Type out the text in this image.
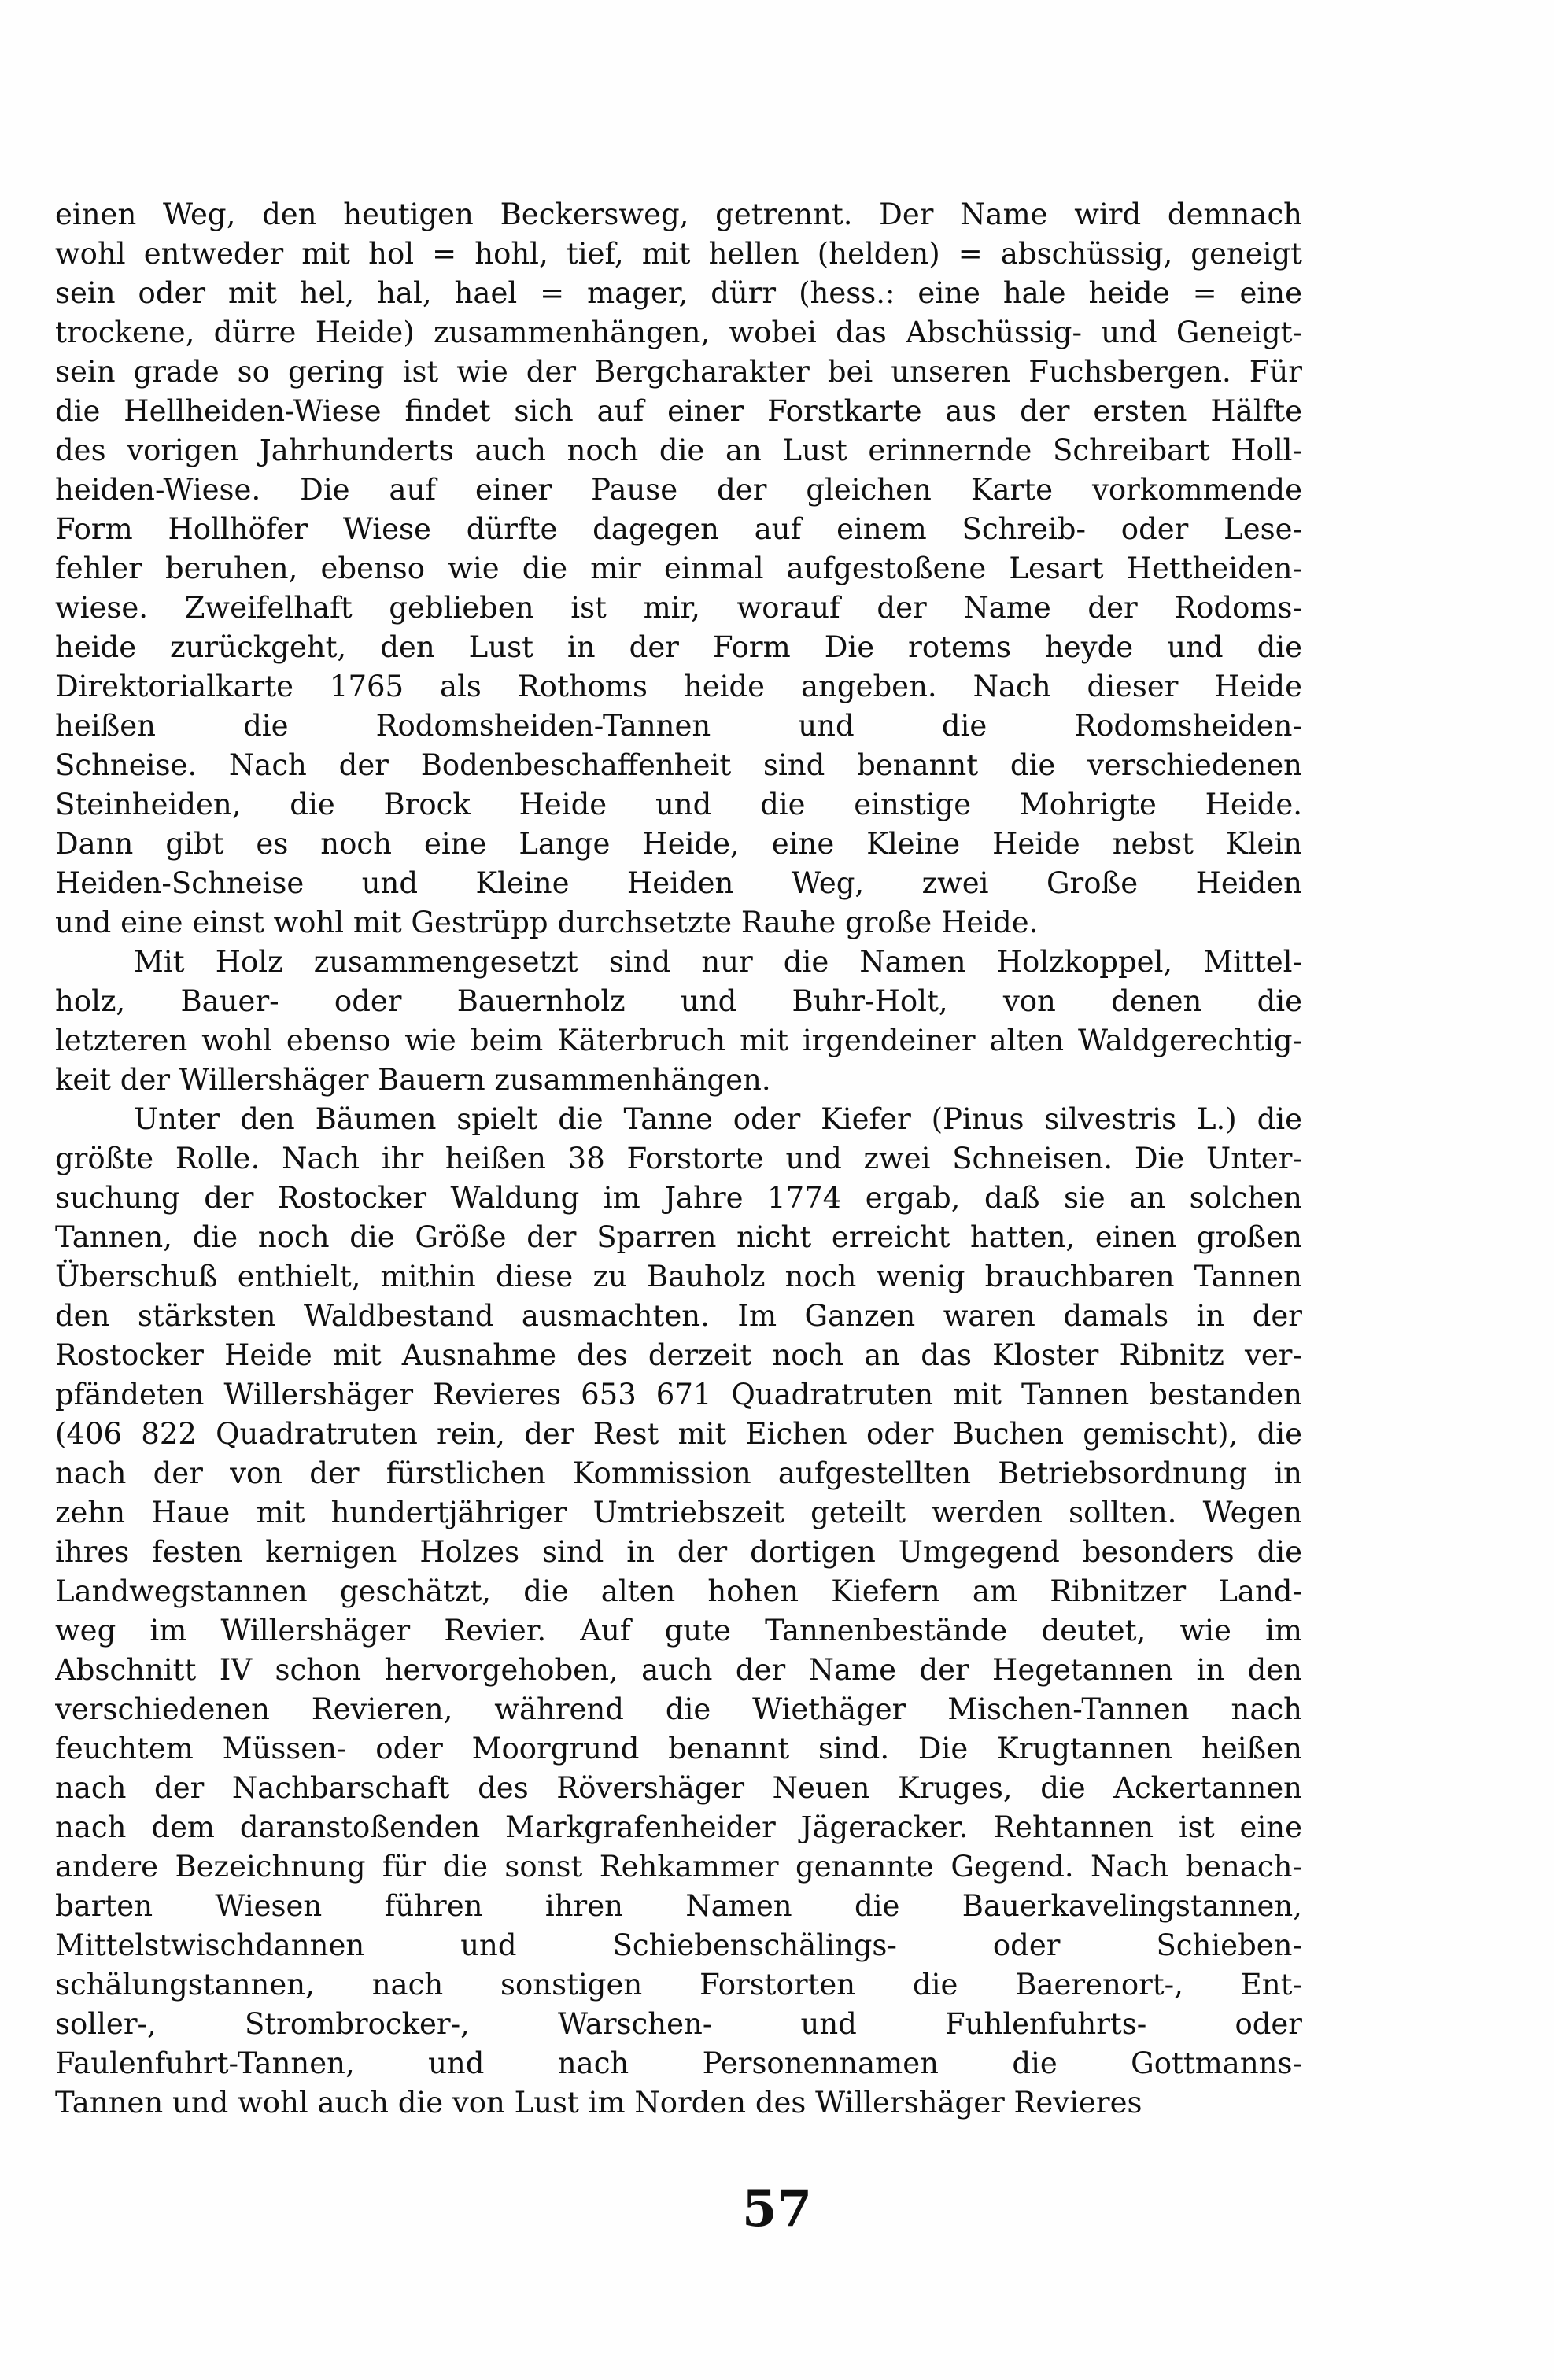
einen Weg, den heutigen Beckersweg, getrennt. Der Name wird demnach
wohl entweder mit hol = hohl, tief, mit hellen (helden) = abschüssig, geneigt
sein oder mit hel, hal, hael = mager, dürr (hess.: eine hale heide = eine
trockene, dürre Heide) zusammenhängen, wobei das Abschüssig- und Geneigt-
sein grade so gering ist wie der Bergcharakter bei unseren Fuchsbergen. Für
die Hellheiden-Wiese findet sich auf einer Forstkarte aus der ersten Hälfte
des vorigen Jahrhunderts auch noch die an Lust erinnernde Schreibart Holl-
heiden-Wiese. Die auf einer Pause der gleichen Karte vorkommende
Form Hollhöfer Wiese dürfte dagegen auf einem Schreib- oder Lese-
fehler beruhen, ebenso wie die mir einmal aufgestoßene Lesart Hettheiden-
wiese. Zweifelhaft geblieben ist mir, worauf der Name der Rodoms-
heide zurückgeht, den Lust in der Form Die rotems heyde und die
Direktorialkarte 1765 als Rothoms heide angeben. Nach dieser Heide
heißen die Rodomsheiden-Tannen und die Rodomsheiden-
Schneise. Nach der Bodenbeschaffenheit sind benannt die verschiedenen
Steinheiden, die Brock Heide und die einstige Mohrigte Heide.
Dann gibt es noch eine Lange Heide, eine Kleine Heide nebst Klein
Heiden-Schneise und Kleine Heiden Weg, zwei Große Heiden
und eine einst wohl mit Gestrüpp durchsetzte Rauhe große Heide.

Mit Holz zusammengesetzt sind nur die Namen Holzkoppel, Mittel-
holz, Bauer- oder Bauernholz und Buhr-Holt, von denen die
letzteren wohl ebenso wie beim Käterbruch mit irgendeiner alten Waldgerechtig-
keit der Willershäger Bauern zusammenhängen.

Unter den Bäumen spielt die Tanne oder Kiefer (Pinus silvestris L.) die
größte Rolle. Nach ihr heißen 38 Forstorte und zwei Schneisen. Die Unter-
suchung der Rostocker Waldung im Jahre 1774 ergab, daß sie an solchen
Tannen, die noch die Größe der Sparren nicht erreicht hatten, einen großen
Überschuß enthielt, mithin diese zu Bauholz noch wenig brauchbaren Tannen
den stärksten Waldbestand ausmachten. Im Ganzen waren damals in der
Rostocker Heide mit Ausnahme des derzeit noch an das Kloster Ribnitz ver-
pfändeten Willershäger Revieres 653 671 Quadratruten mit Tannen bestanden
(406 822 Quadratruten rein, der Rest mit Eichen oder Buchen gemischt), die
nach der von der fürstlichen Kommission aufgestellten Betriebsordnung in
zehn Haue mit hundertjähriger Umtriebszeit geteilt werden sollten. Wegen
ihres festen kernigen Holzes sind in der dortigen Umgegend besonders die
Landwegstannen geschätzt, die alten hohen Kiefern am Ribnitzer Land-
weg im Willershäger Revier. Auf gute Tannenbestände deutet, wie im
Abschnitt IV schon hervorgehoben, auch der Name der Hegetannen in den
verschiedenen Revieren, während die Wiethäger Mischen-Tannen nach
feuchtem Müssen- oder Moorgrund benannt sind. Die Krugtannen heißen
nach der Nachbarschaft des Rövershäger Neuen Kruges, die Ackertannen
nach dem daranstoßenden Markgrafenheider Jägeracker. Rehtannen ist eine
andere Bezeichnung für die sonst Rehkammer genannte Gegend. Nach benach-
barten Wiesen führen ihren Namen die Bauerkavelingstannen,
Mittelstwischdannen und Schiebenschälings- oder Schieben-
schälungstannen, nach sonstigen Forstorten die Baerenort-, Ent-
soller-, Strombrocker-, Warschen- und Fuhlenfuhrts- oder
Faulenfuhrt-Tannen, und nach Personennamen die Gottmanns-
Tannen und wohl auch die von Lust im Norden des Willershäger Revieres

57
